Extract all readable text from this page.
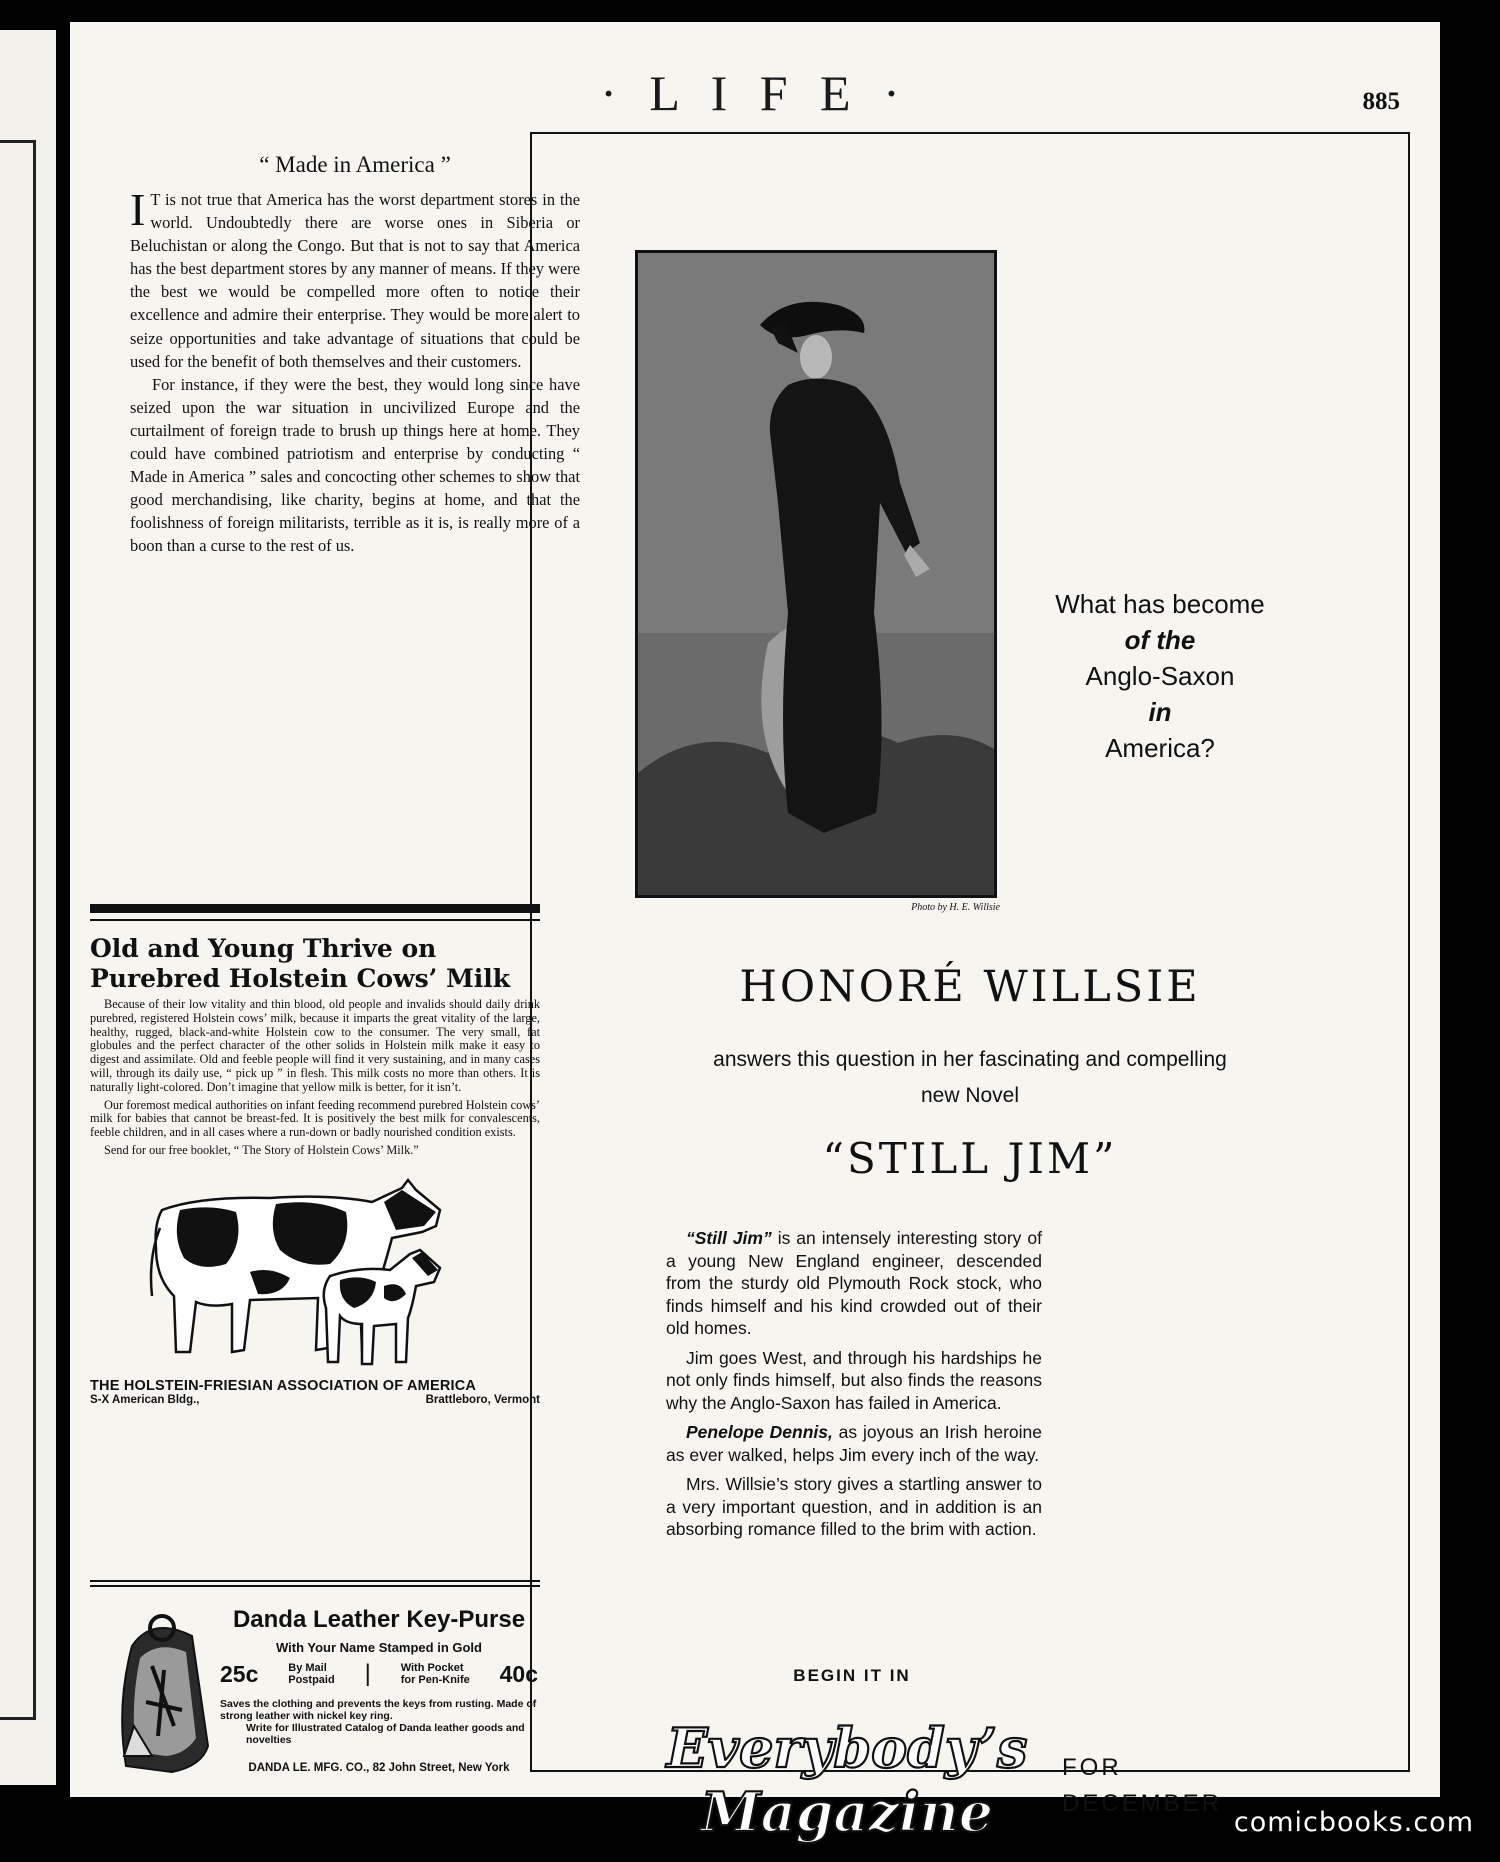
· L I F E ·	885
“ Made in America ”

I T is not true that America has the worst department stores in the world. Undoubtedly there are worse ones in Siberia or Beluchistan or along the Congo. But that is not to say that America has the best department stores by any manner of means. If they were the best we would be compelled more often to notice their excellence and admire their enterprise. They would be more alert to seize opportunities and take advantage of situations that could be used for the benefit of both themselves and their customers.

For instance, if they were the best, they would long since have seized upon the war situation in uncivilized Europe and the curtailment of foreign trade to brush up things here at home. They could have combined patriotism and enterprise by conducting “ Made in America ” sales and concocting other schemes to show that good merchandising, like charity, begins at home, and that the foolishness of foreign militarists, terrible as it is, is really more of a boon than a curse to the rest of us.

Old and Young Thrive on
Purebred Holstein Cows’ Milk

Because of their low vitality and thin blood, old people and invalids should daily drink purebred, registered Holstein cows’ milk, because it imparts the great vitality of the large, healthy, rugged, black-and-white Holstein cow to the consumer. The very small, fat globules and the perfect character of the other solids in Holstein milk make it easy to digest and assimilate. Old and feeble people will find it very sustaining, and in many cases will, through its daily use, “ pick up ” in flesh. This milk costs no more than others. It is naturally light-colored. Don’t imagine that yellow milk is better, for it isn’t.

Our foremost medical authorities on infant feeding recommend purebred Holstein cows’ milk for babies that cannot be breast-fed. It is positively the best milk for convalescents, feeble children, and in all cases where a run-down or badly nourished condition exists.

Send for our free booklet, “ The Story of Holstein Cows’ Milk.”

THE HOLSTEIN-FRIESIAN ASSOCIATION OF AMERICA
S-X American Bldg.,	Brattleboro, Vermont
Danda Leather Key-Purse
With Your Name Stamped in Gold
25c	By Mail
Postpaid |	With Pocket
for Pen-Knife 40c
Saves the clothing and prevents the keys from rusting. Made of strong leather with nickel key ring.
Write for Illustrated Catalog of Danda leather goods and novelties
DANDA LE. MFG. CO., 82 John Street, New York
Photo by H. E. Willsie
What has become
of the
Anglo-Saxon
in
America?
HONORÉ WILLSIE
answers this question in her fascinating and compelling
new Novel
“STILL JIM”

“Still Jim” is an intensely interesting story of a young New England engineer, descended from the sturdy old Plymouth Rock stock, who finds himself and his kind crowded out of their old homes.

Jim goes West, and through his hardships he not only finds himself, but also finds the reasons why the Anglo-Saxon has failed in America.

Penelope Dennis, as joyous an Irish heroine as ever walked, helps Jim every inch of the way.

Mrs. Willsie’s story gives a startling answer to a very important question, and in addition is an absorbing romance filled to the brim with action.

BEGIN IT IN
Everybody’s
Magazine
FOR
DECEMBER
comicbooks.com
